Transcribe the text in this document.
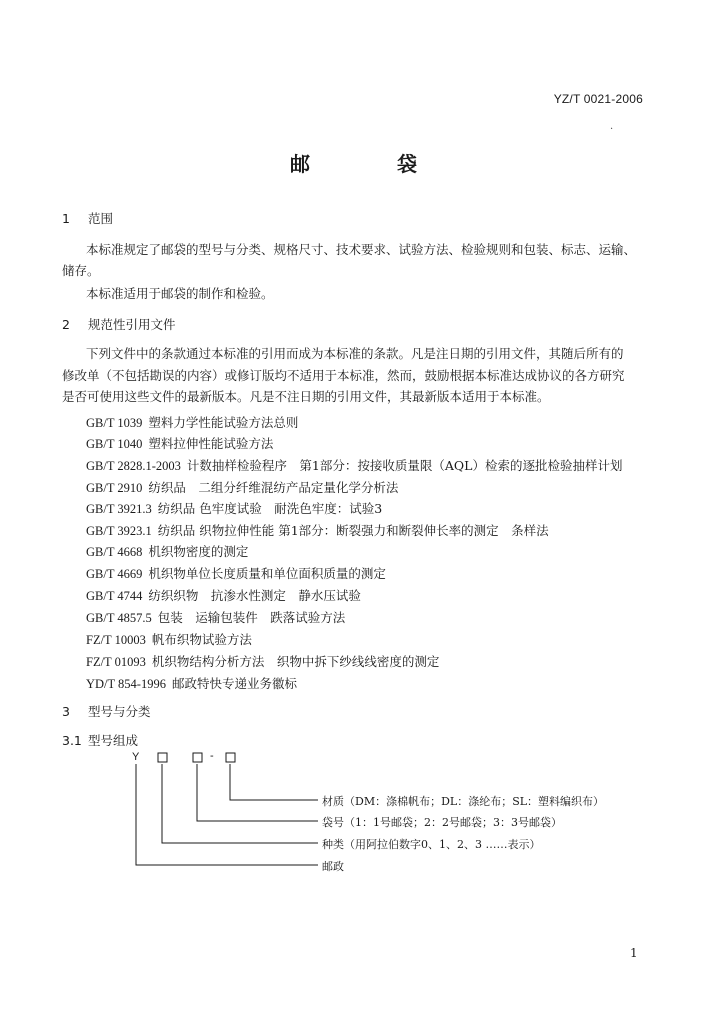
YZ/T 0021-2006
·
邮 袋
1 范围
本标准规定了邮袋的型号与分类、规格尺寸、技术要求、试验方法、检验规则和包装、标志、运输、
储存。
本标准适用于邮袋的制作和检验。
2 规范性引用文件
下列文件中的条款通过本标准的引用而成为本标准的条款。凡是注日期的引用文件，其随后所有的
修改单（不包括勘误的内容）或修订版均不适用于本标准，然而，鼓励根据本标准达成协议的各方研究
是否可使用这些文件的最新版本。凡是不注日期的引用文件，其最新版本适用于本标准。
GB/T 1039 塑料力学性能试验方法总则
GB/T 1040 塑料拉伸性能试验方法
GB/T 2828.1-2003 计数抽样检验程序　第1部分：按接收质量限（AQL）检索的逐批检验抽样计划
GB/T 2910 纺织品　二组分纤维混纺产品定量化学分析法
GB/T 3921.3 纺织品 色牢度试验　耐洗色牢度：试验3
GB/T 3923.1 纺织品 织物拉伸性能 第1部分：断裂强力和断裂伸长率的测定　条样法
GB/T 4668 机织物密度的测定
GB/T 4669 机织物单位长度质量和单位面积质量的测定
GB/T 4744 纺织织物　抗渗水性测定　静水压试验
GB/T 4857.5 包装　运输包装件　跌落试验方法
FZ/T 10003 帆布织物试验方法
FZ/T 01093 机织物结构分析方法　织物中拆下纱线线密度的测定
YD/T 854-1996 邮政特快专递业务徽标
3 型号与分类
3.1 型号组成
Y	-
材质（DM：涤棉帆布；DL：涤纶布；SL：塑料编织布）
袋号（1：1号邮袋；2：2号邮袋；3：3号邮袋）
种类（用阿拉伯数字0、1、2、3 ……表示）
邮政
1
